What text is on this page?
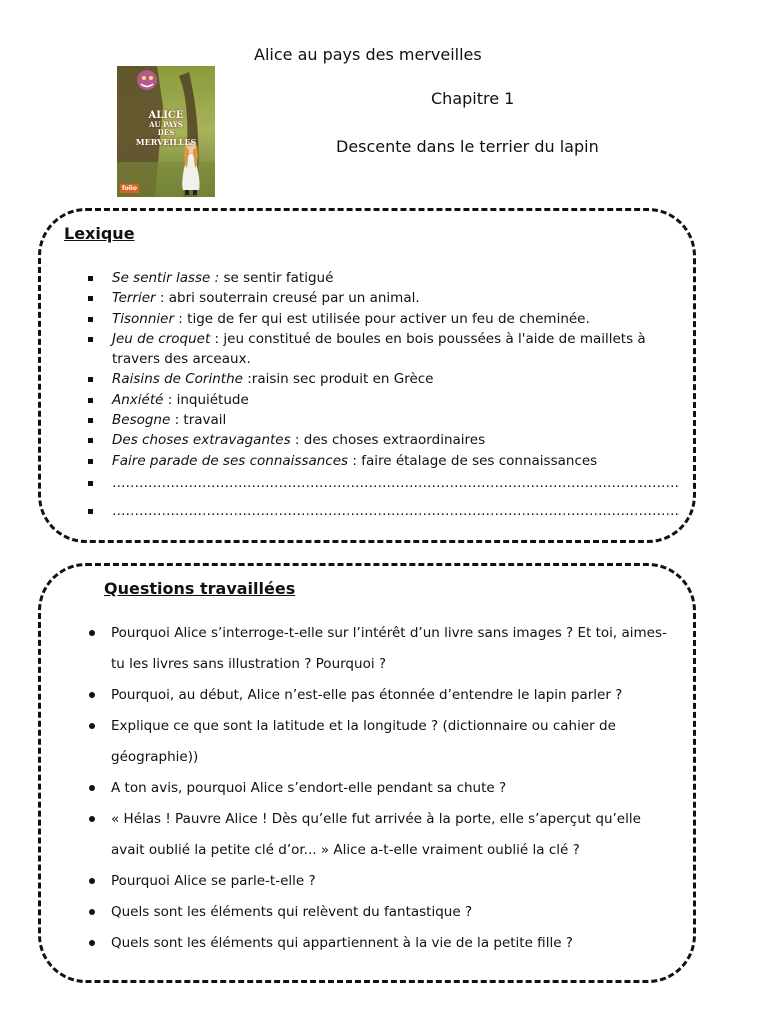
Alice au pays des merveilles
Chapitre 1
Descente dans le terrier du lapin
ALICE
AU PAYS
DES
MERVEILLES
folio
Lexique
Se sentir lasse : se sentir fatigué
Terrier : abri souterrain creusé par un animal.
Tisonnier : tige de fer qui est utilisée pour activer un feu de cheminée.
Jeu de croquet : jeu constitué de boules en bois poussées à l'aide de maillets à travers des arceaux.
Raisins de Corinthe :raisin sec produit en Grèce
Anxiété : inquiétude
Besogne : travail
Des choses extravagantes : des choses extraordinaires
Faire parade de ses connaissances : faire étalage de ses connaissances
………………………………………………………………………………………………………………
………………………………………………………………………………………………………………
Questions travaillées
Pourquoi Alice s’interroge-t-elle sur l’intérêt d’un livre sans images ? Et toi, aimes-tu les livres sans illustration ? Pourquoi ?
Pourquoi, au début, Alice n’est-elle pas étonnée d’entendre le lapin parler ?
Explique ce que sont la latitude et la longitude ? (dictionnaire ou cahier de géographie))
A ton avis, pourquoi Alice s’endort-elle pendant sa chute ?
« Hélas ! Pauvre Alice ! Dès qu’elle fut arrivée à la porte, elle s’aperçut qu’elle avait oublié la petite clé d’or... » Alice a-t-elle vraiment oublié la clé ?
Pourquoi Alice se parle-t-elle ?
Quels sont les éléments qui relèvent du fantastique ?
Quels sont les éléments qui appartiennent à la vie de la petite fille ?
